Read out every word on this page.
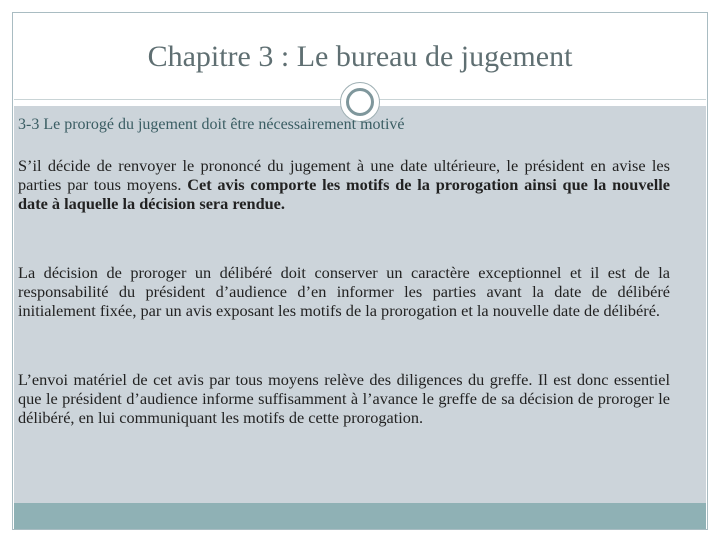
Chapitre 3 : Le bureau de jugement
3-3 Le prorogé du jugement doit être nécessairement motivé
S’il décide de renvoyer le prononcé du jugement à une date ultérieure, le président en avise les parties par tous moyens. Cet avis comporte les motifs de la prorogation ainsi que la nouvelle date à laquelle la décision sera rendue.
La décision de proroger un délibéré doit conserver un caractère exceptionnel et il est de la responsabilité du président d’audience d’en informer les parties avant la date de délibéré initialement fixée, par un avis exposant les motifs de la prorogation et la nouvelle date de délibéré.
L’envoi matériel de cet avis par tous moyens relève des diligences du greffe. Il est donc essentiel que le président d’audience informe suffisamment à l’avance le greffe de sa décision de proroger le délibéré, en lui communiquant les motifs de cette prorogation.
